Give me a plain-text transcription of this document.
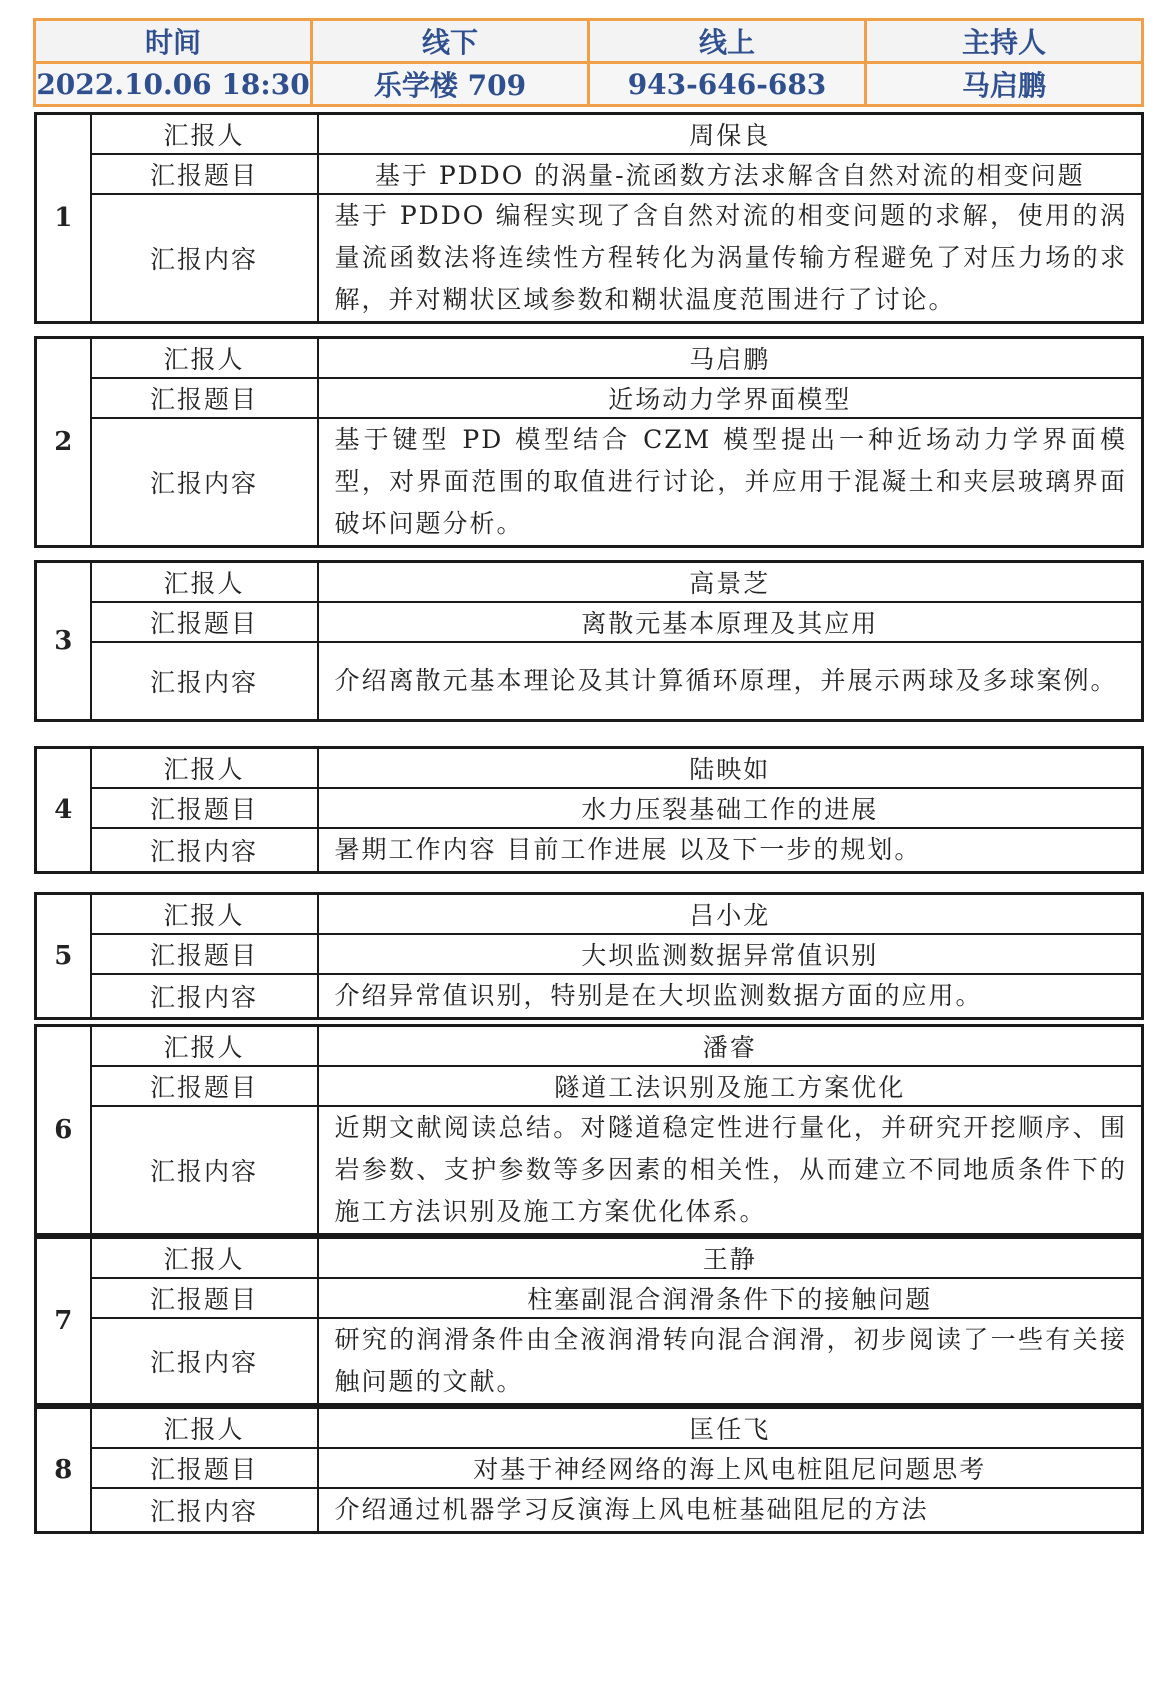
时间	线下	线上	主持人
2022.10.06 18:30	乐学楼 709	943-646-683	马启鹏
1	汇报人	周保良
	汇报题目	基于 PDDO 的涡量-流函数方法求解含自然对流的相变问题
	汇报内容	基于 PDDO 编程实现了含自然对流的相变问题的求解，使用的涡量流函数法将连续性方程转化为涡量传输方程避免了对压力场的求解，并对糊状区域参数和糊状温度范围进行了讨论。
2	汇报人	马启鹏
	汇报题目	近场动力学界面模型
	汇报内容	基于键型 PD 模型结合 CZM 模型提出一种近场动力学界面模型，对界面范围的取值进行讨论，并应用于混凝土和夹层玻璃界面破坏问题分析。
3	汇报人	高景芝
	汇报题目	离散元基本原理及其应用
	汇报内容	介绍离散元基本理论及其计算循环原理，并展示两球及多球案例。
4	汇报人	陆映如
	汇报题目	水力压裂基础工作的进展
	汇报内容	暑期工作内容 目前工作进展 以及下一步的规划。
5	汇报人	吕小龙
	汇报题目	大坝监测数据异常值识别
	汇报内容	介绍异常值识别，特别是在大坝监测数据方面的应用。
6	汇报人	潘睿
	汇报题目	隧道工法识别及施工方案优化
	汇报内容	近期文献阅读总结。对隧道稳定性进行量化，并研究开挖顺序、围岩参数、支护参数等多因素的相关性，从而建立不同地质条件下的施工方法识别及施工方案优化体系。
7	汇报人	王静
	汇报题目	柱塞副混合润滑条件下的接触问题
	汇报内容	研究的润滑条件由全液润滑转向混合润滑，初步阅读了一些有关接触问题的文献。
8	汇报人	匡任飞
	汇报题目	对基于神经网络的海上风电桩阻尼问题思考
	汇报内容	介绍通过机器学习反演海上风电桩基础阻尼的方法
